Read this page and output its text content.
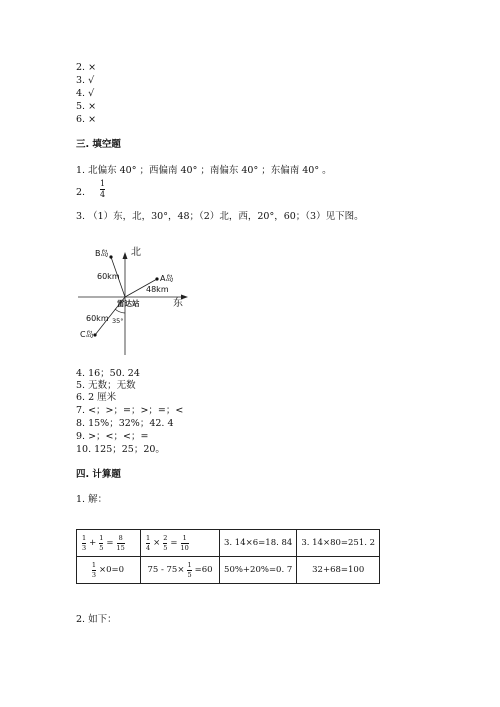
2. ×
3. √
4. √
5. ×
6. ×
三. 填空题
1. 北偏东 40° ；西偏南 40° ；南偏东 40° ；东偏南 40° 。
2.
1
4
3. （1）东，北，30°，48；（2）北，西，20°，60；（3）见下图。
B岛 北
60km	A岛
48km
雷达站	东
60km 35°
C岛
4. 16；50. 24
5. 无数；无数
6. 2 厘米
7. <；>；=；>；=；<
8. 15%；32%；42. 4
9. >；<；<；=
10. 125；25；20。
四. 计算题
1. 解：
$\frac{1}{3} + \frac{1}{5} = \frac{8}{15}$	$\frac{1}{4} \times \frac{2}{5} = \frac{1}{10}$	3. 14×6=18. 84	3. 14×80=251. 2
$\frac{1}{3} \times 0=0$	$75 - 75\times \frac{1}{5} =60$	50%+20%=0. 7	32+68=100
2. 如下：
